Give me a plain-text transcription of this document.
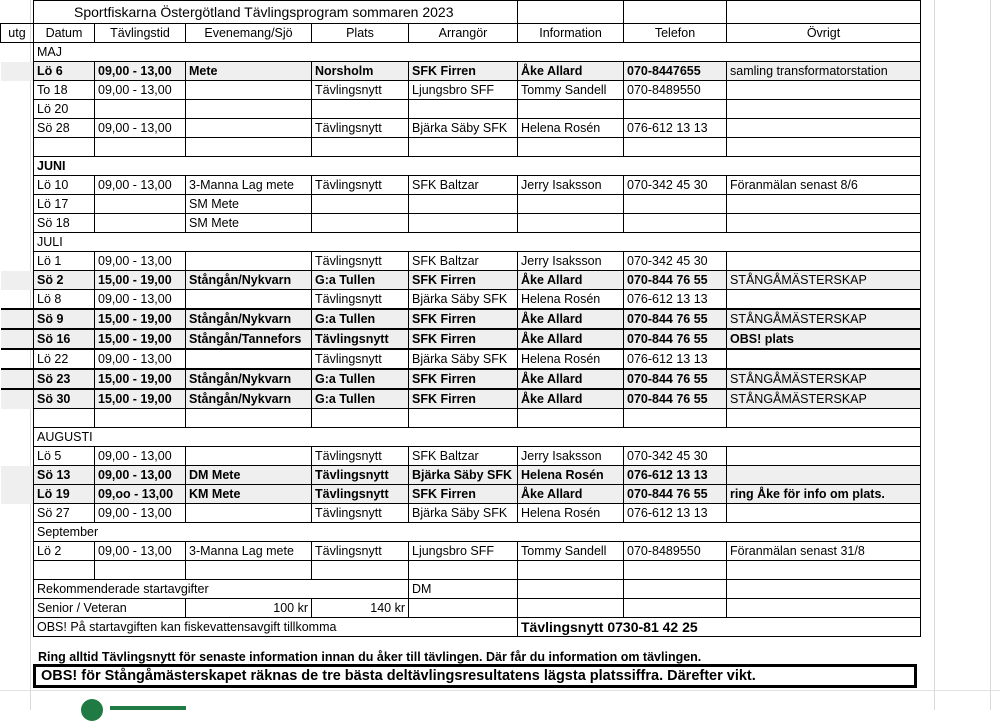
	Sportfiskarna Östergötland Tävlingsprogram sommaren 2023							
utg	Datum	Tävlingstid	Evenemang/Sjö	Plats	Arrangör	Information	Telefon	Övrigt
	MAJ							
	Lö 6	09,00 - 13,00	Mete	Norsholm	SFK Firren	Åke Allard	070-8447655	samling transformatorstation
	To 18	09,00 - 13,00		Tävlingsnytt	Ljungsbro SFF	Tommy Sandell	070-8489550	
	Lö 20							
	Sö 28	09,00 - 13,00		Tävlingsnytt	Bjärka Säby SFK	Helena Rosén	076-612 13 13	

	JUNI							
	Lö 10	09,00 - 13,00	3-Manna Lag mete	Tävlingsnytt	SFK Baltzar	Jerry Isaksson	070-342 45 30	Föranmälan senast 8/6
	Lö 17		SM Mete					
	Sö 18		SM Mete					
	JULI							
	Lö 1	09,00 - 13,00		Tävlingsnytt	SFK Baltzar	Jerry Isaksson	070-342 45 30	
	Sö 2	15,00 - 19,00	Stångån/Nykvarn	G:a Tullen	SFK Firren	Åke Allard	070-844 76 55	STÅNGÅMÄSTERSKAP
	Lö 8	09,00 - 13,00		Tävlingsnytt	Bjärka Säby SFK	Helena Rosén	076-612 13 13	
	Sö 9	15,00 - 19,00	Stångån/Nykvarn	G:a Tullen	SFK Firren	Åke Allard	070-844 76 55	STÅNGÅMÄSTERSKAP
	Sö 16	15,00 - 19,00	Stångån/Tannefors	Tävlingsnytt	SFK Firren	Åke Allard	070-844 76 55	OBS! plats
	Lö 22	09,00 - 13,00		Tävlingsnytt	Bjärka Säby SFK	Helena Rosén	076-612 13 13	
	Sö 23	15,00 - 19,00	Stångån/Nykvarn	G:a Tullen	SFK Firren	Åke Allard	070-844 76 55	STÅNGÅMÄSTERSKAP
	Sö 30	15,00 - 19,00	Stångån/Nykvarn	G:a Tullen	SFK Firren	Åke Allard	070-844 76 55	STÅNGÅMÄSTERSKAP

	AUGUSTI							
	Lö 5	09,00 - 13,00		Tävlingsnytt	SFK Baltzar	Jerry Isaksson	070-342 45 30	
	Sö 13	09,00 - 13,00	DM Mete	Tävlingsnytt	Bjärka Säby SFK	Helena Rosén	076-612 13 13	
	Lö 19	09,oo - 13,00	KM Mete	Tävlingsnytt	SFK Firren	Åke Allard	070-844 76 55	ring Åke för info om plats.
	Sö 27	09,00 - 13,00		Tävlingsnytt	Bjärka Säby SFK	Helena Rosén	076-612 13 13	
	September							
	Lö 2	09,00 - 13,00	3-Manna Lag mete	Tävlingsnytt	Ljungsbro SFF	Tommy Sandell	070-8489550	Föranmälan senast 31/8

	Rekommenderade startavgifter				DM			
	Senior / Veteran		100 kr	140 kr				
	OBS! På startavgiften kan fiskevattensavgift tillkomma					Tävlingsnytt 0730-81 42 25		
Ring alltid Tävlingsnytt för senaste information innan du åker till tävlingen. Där får du information om tävlingen.
OBS! för Stångåmästerskapet räknas de tre bästa deltävlingsresultatens lägsta platssiffra. Därefter vikt.
